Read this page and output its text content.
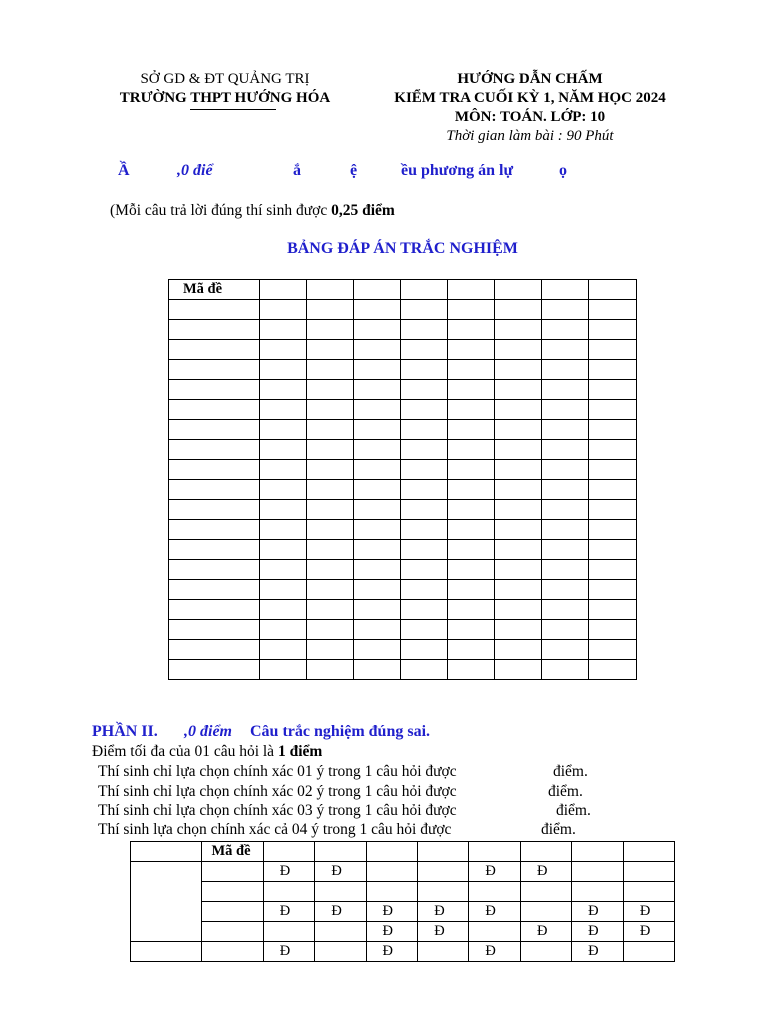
SỞ GD & ĐT QUẢNG TRỊ
TRƯỜNG THPT HƯỚNG HÓA
HƯỚNG DẪN CHẤM
KIỂM TRA CUỐI KỲ 1, NĂM HỌC 2024
MÔN: TOÁN. LỚP: 10
Thời gian làm bài : 90 Phút
Ầ	,0 điể	ắ	ệ	ều phương án lự	ọ
(Mỗi câu trả lời đúng thí sinh được 0,25 điểm
BẢNG ĐÁP ÁN TRẮC NGHIỆM
Mã đề								

PHẦN II. ,0 điểm Câu trắc nghiệm đúng sai.
Điểm tối đa của 01 câu hỏi là 1 điểm
Thí sinh chỉ lựa chọn chính xác 01 ý trong 1 câu hỏi được	điểm.
Thí sinh chỉ lựa chọn chính xác 02 ý trong 1 câu hỏi được	điểm.
Thí sinh chỉ lựa chọn chính xác 03 ý trong 1 câu hỏi được	điểm.
Thí sinh lựa chọn chính xác cả 04 ý trong 1 câu hỏi được	điểm.
	Mã đề								
		Đ	Đ			Đ	Đ		

		Đ	Đ	Đ	Đ	Đ		Đ	Đ
				Đ	Đ		Đ	Đ	Đ
		Đ		Đ		Đ		Đ	
